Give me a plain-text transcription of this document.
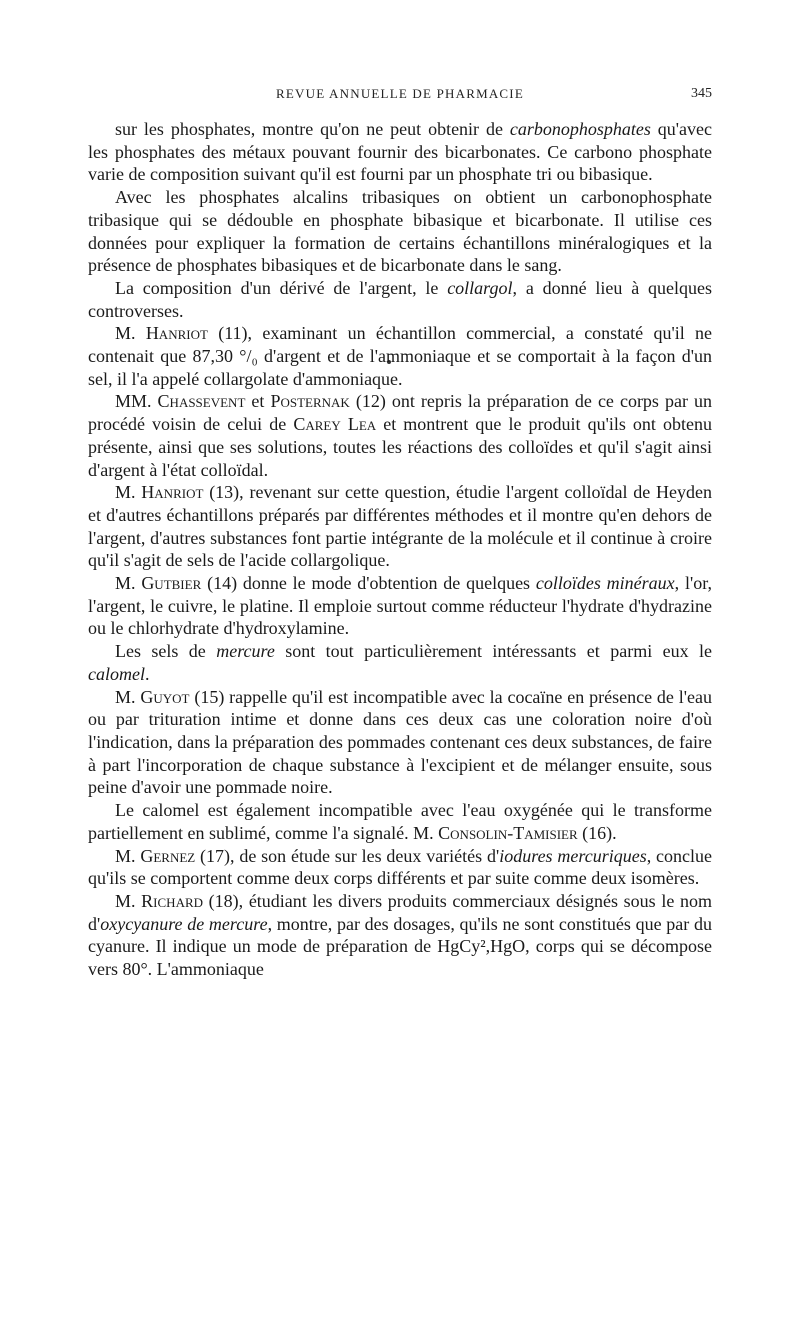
REVUE ANNUELLE DE PHARMACIE	345

sur les phosphates, montre qu'on ne peut obtenir de carbonophosphates qu'avec les phosphates des métaux pouvant fournir des bicarbonates. Ce carbono phosphate varie de composition suivant qu'il est fourni par un phosphate tri ou bibasique.

Avec les phosphates alcalins tribasiques on obtient un carbonophosphate tribasique qui se dédouble en phosphate bibasique et bicarbonate. Il utilise ces données pour expliquer la formation de certains échantillons minéralogiques et la présence de phosphates bibasiques et de bicarbonate dans le sang.

La composition d'un dérivé de l'argent, le collargol, a donné lieu à quelques controverses.

M. Hanriot (11), examinant un échantillon commercial, a constaté qu'il ne contenait que 87,30 °/₀ d'argent et de l'ammoniaque et se comportait à la façon d'un sel, il l'a appelé collargolate d'ammoniaque.

MM. Chassevent et Posternak (12) ont repris la préparation de ce corps par un procédé voisin de celui de Carey Lea et montrent que le produit qu'ils ont obtenu présente, ainsi que ses solutions, toutes les réactions des colloïdes et qu'il s'agit ainsi d'argent à l'état colloïdal.

M. Hanriot (13), revenant sur cette question, étudie l'argent colloïdal de Heyden et d'autres échantillons préparés par différentes méthodes et il montre qu'en dehors de l'argent, d'autres substances font partie intégrante de la molécule et il continue à croire qu'il s'agit de sels de l'acide collargolique.

M. Gutbier (14) donne le mode d'obtention de quelques colloïdes minéraux, l'or, l'argent, le cuivre, le platine. Il emploie surtout comme réducteur l'hydrate d'hydrazine ou le chlorhydrate d'hydroxylamine.

Les sels de mercure sont tout particulièrement intéressants et parmi eux le calomel.

M. Guyot (15) rappelle qu'il est incompatible avec la cocaïne en présence de l'eau ou par trituration intime et donne dans ces deux cas une coloration noire d'où l'indication, dans la préparation des pommades contenant ces deux substances, de faire à part l'incorporation de chaque substance à l'excipient et de mélanger ensuite, sous peine d'avoir une pommade noire.

Le calomel est également incompatible avec l'eau oxygénée qui le transforme partiellement en sublimé, comme l'a signalé. M. Consolin-Tamisier (16).

M. Gernez (17), de son étude sur les deux variétés d'iodures mercuriques, conclue qu'ils se comportent comme deux corps différents et par suite comme deux isomères.

M. Richard (18), étudiant les divers produits commerciaux désignés sous le nom d'oxycyanure de mercure, montre, par des dosages, qu'ils ne sont constitués que par du cyanure. Il indique un mode de préparation de HgCy²,HgO, corps qui se décompose vers 80°. L'ammoniaque
